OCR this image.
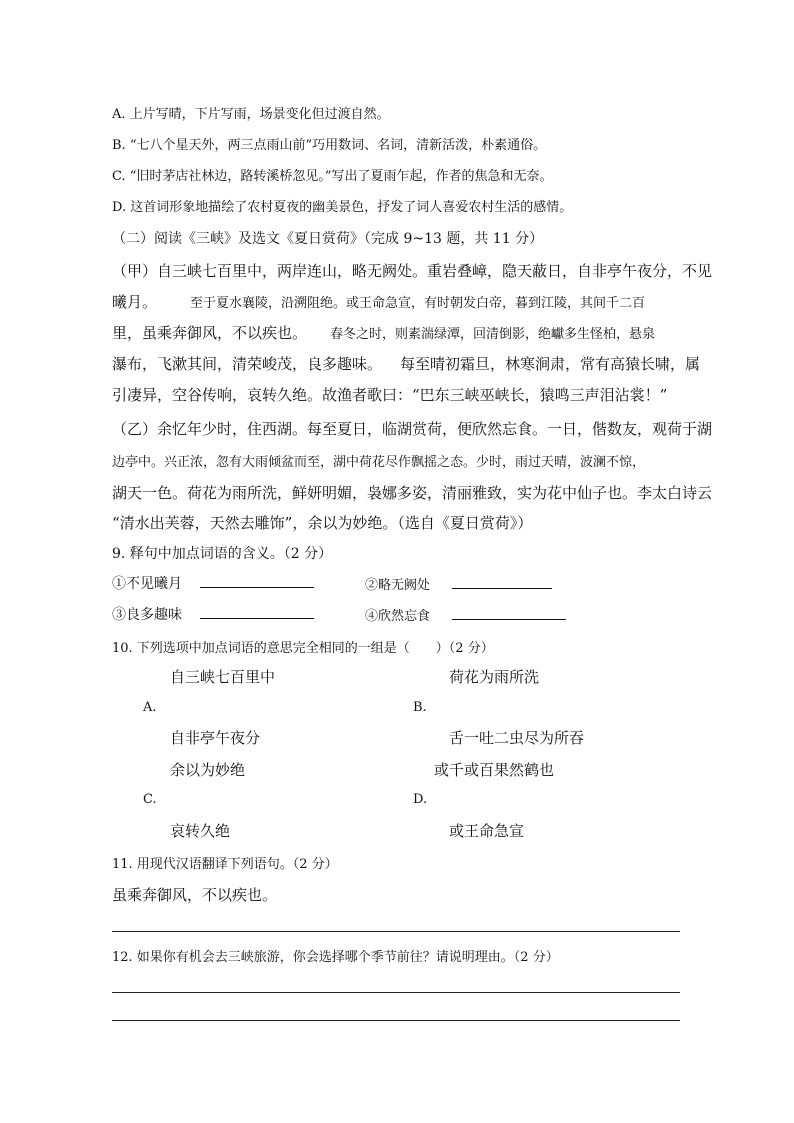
A. 上片写晴，下片写雨，场景变化但过渡自然。
B. “七八个星天外，两三点雨山前”巧用数词、名词，清新活泼，朴素通俗。
C. “旧时茅店社林边，路转溪桥忽见。”写出了夏雨乍起，作者的焦急和无奈。
D. 这首词形象地描绘了农村夏夜的幽美景色，抒发了词人喜爱农村生活的感情。
（二）阅读《三峡》及选文《夏日赏荷》（完成 9~13 题，共 11 分）
（甲）自三峡七百里中，两岸连山，略无阙处。重岩叠嶂，隐天蔽日，自非亭午夜分，不见
曦月。	至于夏水襄陵，沿溯阻绝。或王命急宣，有时朝发白帝，暮到江陵，其间千二百
里，虽乘奔御风，不以疾也。 春冬之时，则素湍绿潭，回清倒影，绝巘多生怪柏，悬泉
瀑布，飞漱其间，清荣峻茂，良多趣味。 每至晴初霜旦，林寒涧肃，常有高猿长啸，属
引凄异，空谷传响，哀转久绝。故渔者歌曰：“巴东三峡巫峡长，猿鸣三声泪沾裳！”
（乙）余忆年少时，住西湖。每至夏日，临湖赏荷，便欣然忘食。一日，偕数友，观荷于湖
边亭中。兴正浓，忽有大雨倾盆而至，湖中荷花尽作飘摇之态。少时，雨过天晴，波澜不惊，
湖天一色。荷花为雨所洗，鲜妍明媚，袅娜多姿，清丽雅致，实为花中仙子也。李太白诗云
“清水出芙蓉，天然去雕饰”，余以为妙绝。（选自《夏日赏荷》）
9. 释句中加点词语的含义。（2 分）
①不见曦月	②略无阙处
③良多趣味	④欣然忘食
10. 下列选项中加点词语的意思完全相同的一组是（　　）（2 分）
自三峡七百里中	荷花为雨所洗
A.	B.
自非亭午夜分	舌一吐二虫尽为所吞
余以为妙绝	或千或百果然鹤也
C.	D.
哀转久绝	或王命急宣
11. 用现代汉语翻译下列语句。（2 分）
虽乘奔御风，不以疾也。
12. 如果你有机会去三峡旅游，你会选择哪个季节前往？请说明理由。（2 分）
